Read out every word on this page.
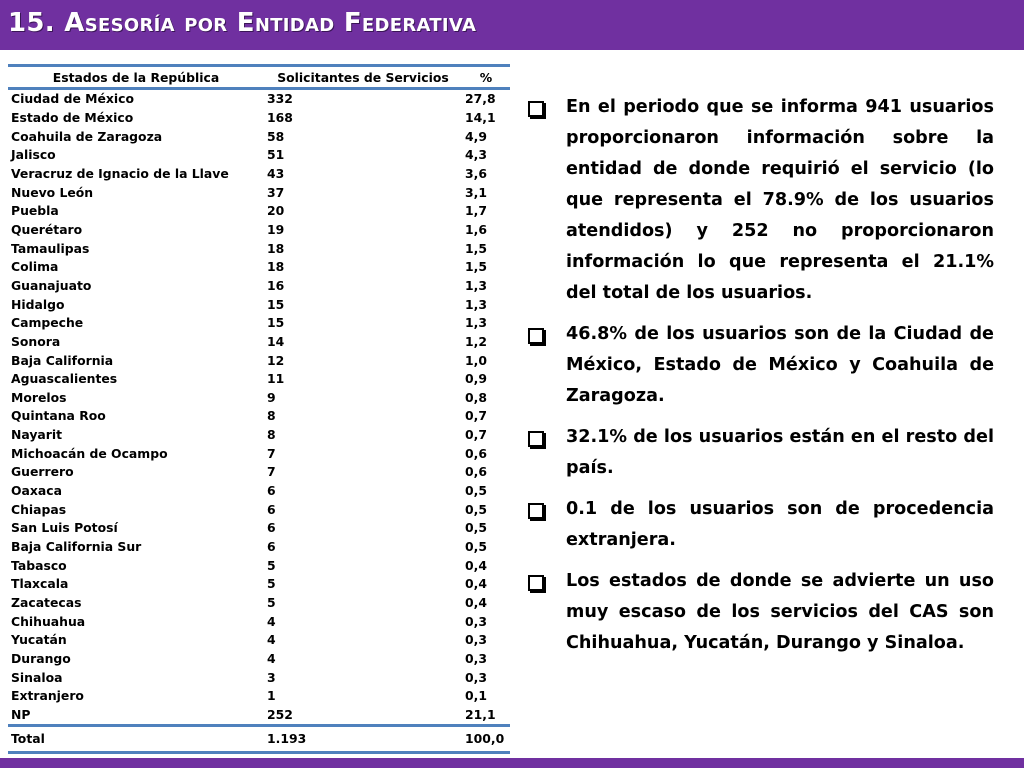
15. Asesoría por Entidad Federativa
Estados de la República	Solicitantes de Servicios	%
Ciudad de México	332	27,8
Estado de México	168	14,1
Coahuila de Zaragoza	58	4,9
Jalisco	51	4,3
Veracruz de Ignacio de la Llave	43	3,6
Nuevo León	37	3,1
Puebla	20	1,7
Querétaro	19	1,6
Tamaulipas	18	1,5
Colima	18	1,5
Guanajuato	16	1,3
Hidalgo	15	1,3
Campeche	15	1,3
Sonora	14	1,2
Baja California	12	1,0
Aguascalientes	11	0,9
Morelos	9	0,8
Quintana Roo	8	0,7
Nayarit	8	0,7
Michoacán de Ocampo	7	0,6
Guerrero	7	0,6
Oaxaca	6	0,5
Chiapas	6	0,5
San Luis Potosí	6	0,5
Baja California Sur	6	0,5
Tabasco	5	0,4
Tlaxcala	5	0,4
Zacatecas	5	0,4
Chihuahua	4	0,3
Yucatán	4	0,3
Durango	4	0,3
Sinaloa	3	0,3
Extranjero	1	0,1
NP	252	21,1
Total	1.193	100,0
En el periodo que se informa 941 usuarios proporcionaron información sobre la entidad de donde requirió el servicio (lo que representa el 78.9% de los usuarios atendidos) y 252 no proporcionaron información lo que representa el 21.1% del total de los usuarios.
46.8% de los usuarios son de la Ciudad de México, Estado de México y Coahuila de Zaragoza.
32.1% de los usuarios están en el resto del país.
0.1 de los usuarios son de procedencia extranjera.
Los estados de donde se advierte un uso muy escaso de los servicios del CAS son Chihuahua, Yucatán, Durango y Sinaloa.
